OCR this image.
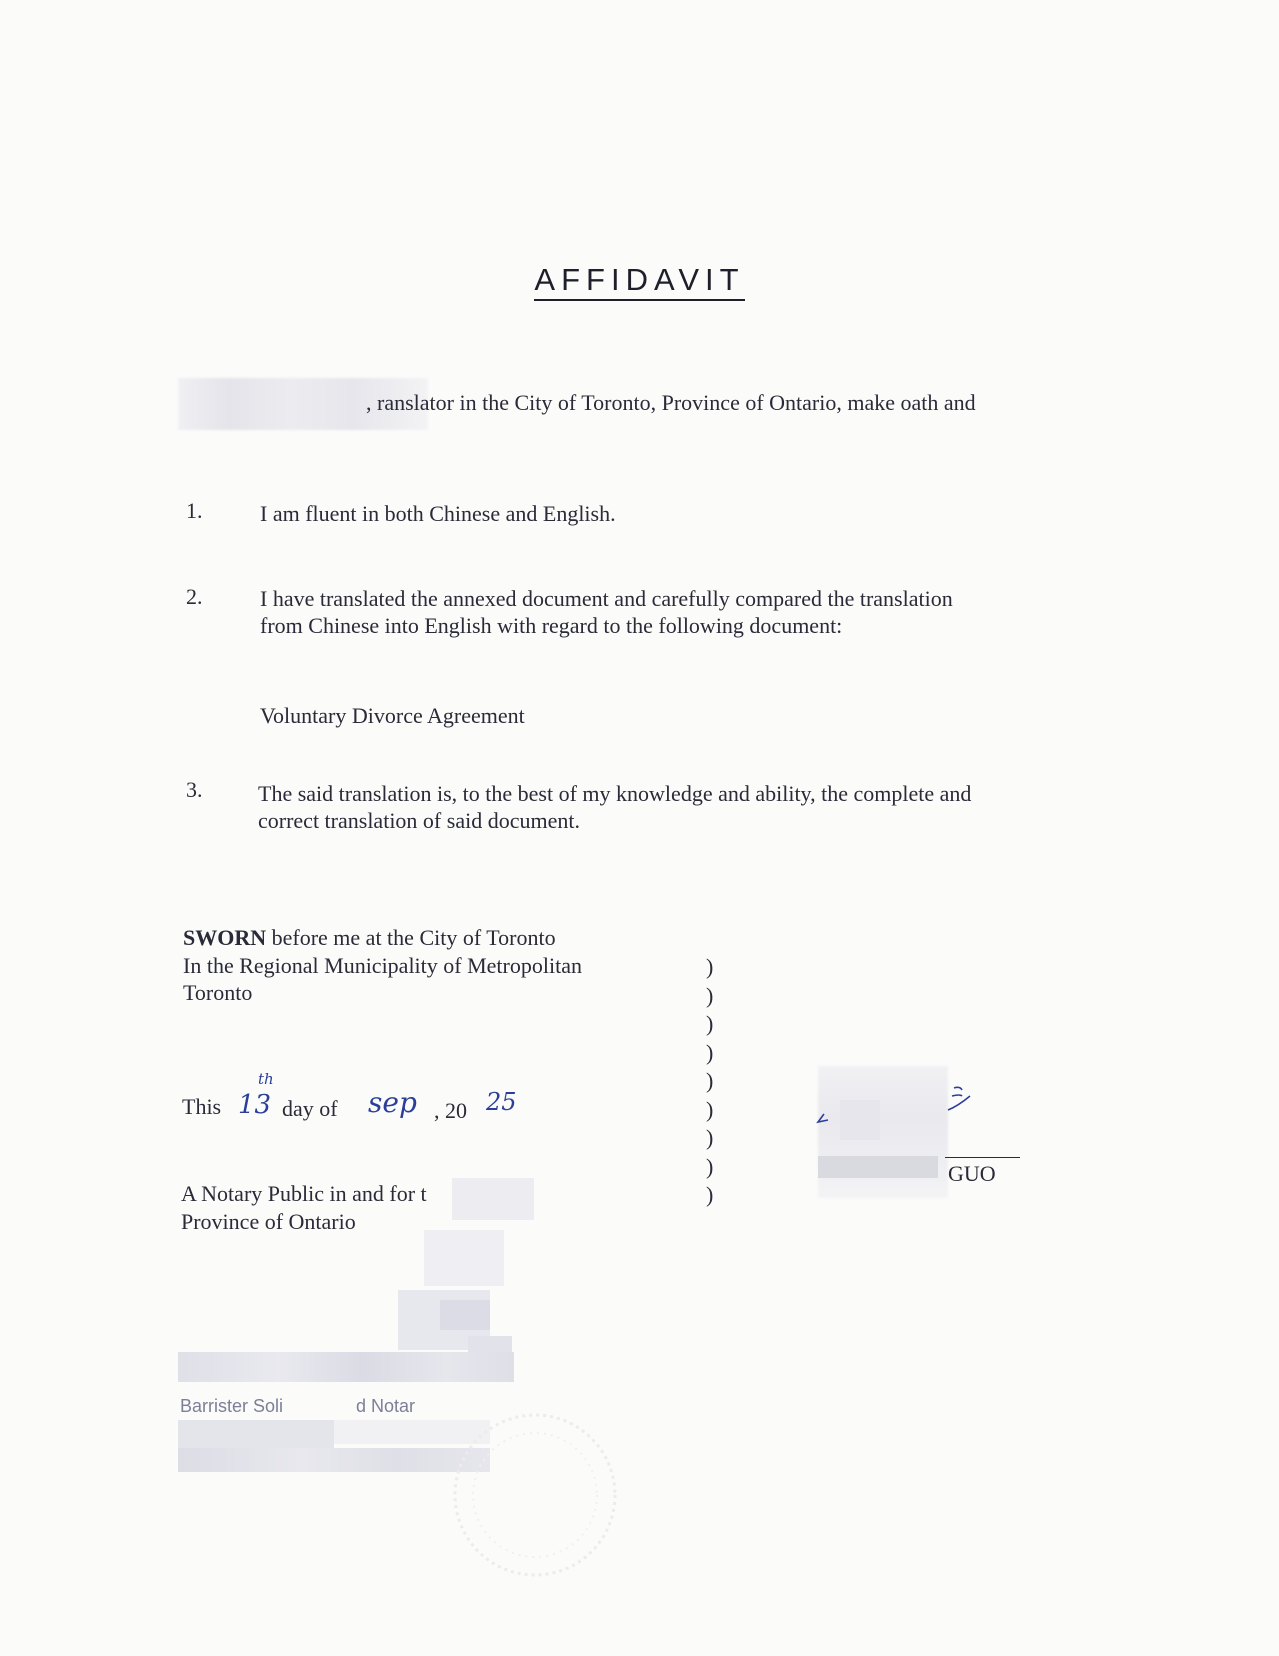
AFFIDAVIT
, ranslator in the City of Toronto, Province of Ontario, make oath and
1.	I am fluent in both Chinese and English.
2.	I have translated the annexed document and carefully compared the translation
from Chinese into English with regard to the following document:
Voluntary Divorce Agreement
3.	The said translation is, to the best of my knowledge and ability, the complete and
correct translation of said document.
SWORN before me at the City of Toronto
In the Regional Municipality of Metropolitan
Toronto
)
)
)
)
)
)
)
)
)
This 13
th
day of sep , 20 25
GUO
A Notary Public in and for t
Province of Ontario
Barrister Soli	d Notar
